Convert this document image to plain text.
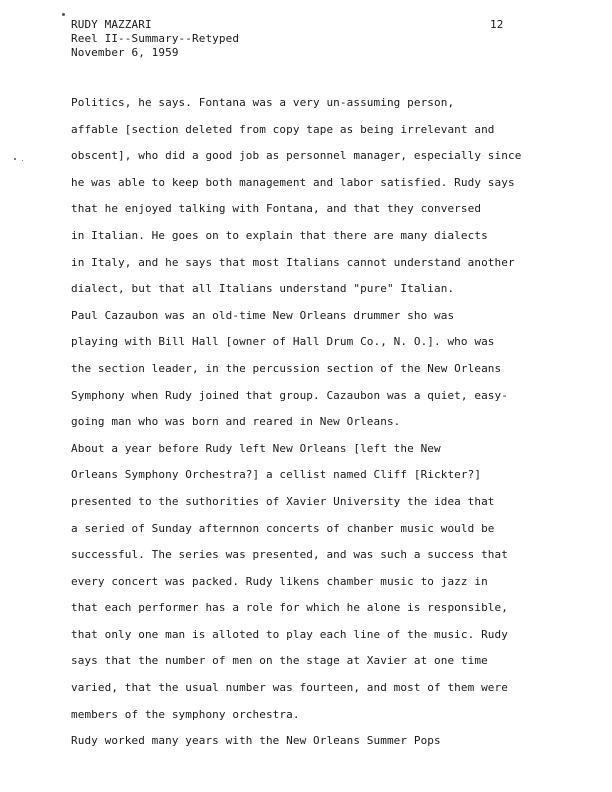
RUDY MAZZARI
Reel II--Summary--Retyped
November 6, 1959
12
Politics, he says. Fontana was a very un-assuming person,
affable [section deleted from copy tape as being irrelevant and
obscent], who did a good job as personnel manager, especially since
he was able to keep both management and labor satisfied. Rudy says
that he enjoyed talking with Fontana, and that they conversed
in Italian. He goes on to explain that there are many dialects
in Italy, and he says that most Italians cannot understand another
dialect, but that all Italians understand "pure" Italian.
Paul Cazaubon was an old-time New Orleans drummer sho was
playing with Bill Hall [owner of Hall Drum Co., N. O.]. who was
the section leader, in the percussion section of the New Orleans
Symphony when Rudy joined that group. Cazaubon was a quiet, easy-
going man who was born and reared in New Orleans.
About a year before Rudy left New Orleans [left the New
Orleans Symphony Orchestra?] a cellist named Cliff [Rickter?]
presented to the suthorities of Xavier University the idea that
a seried of Sunday afternnon concerts of chanber music would be
successful. The series was presented, and was such a success that
every concert was packed. Rudy likens chamber music to jazz in
that each performer has a role for which he alone is responsible,
that only one man is alloted to play each line of the music. Rudy
says that the number of men on the stage at Xavier at one time
varied, that the usual number was fourteen, and most of them were
members of the symphony orchestra.
Rudy worked many years with the New Orleans Summer Pops
